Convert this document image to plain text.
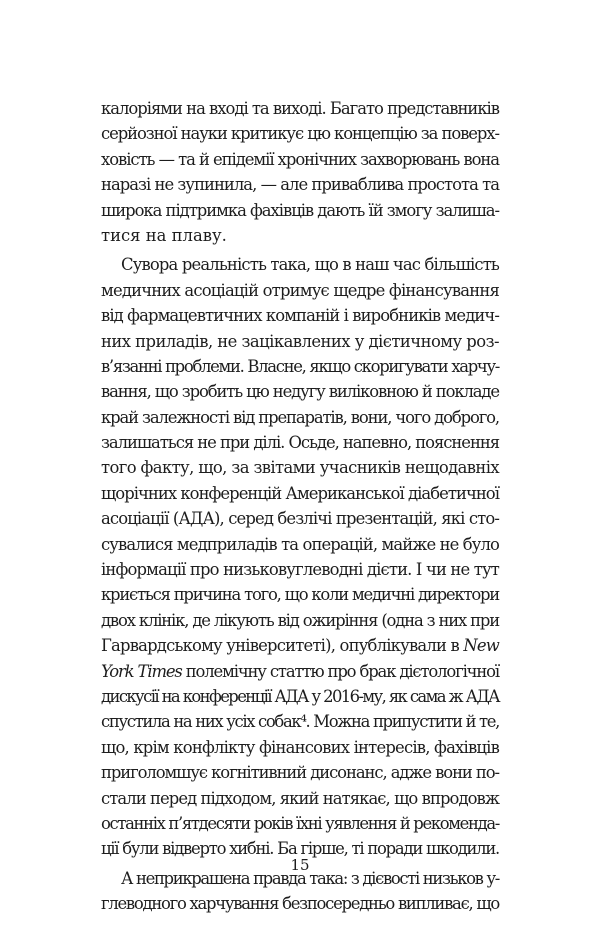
калоріями на вході та виході. Багато представників
серйозної науки критикує цю концепцію за поверх-
ховість — та й епідемії хронічних захворювань вона
наразі не зупинила, — але приваблива простота та
широка підтримка фахівців дають їй змогу залиша-
тися на плаву.
Сувора реальність така, що в наш час більшість
медичних асоціацій отримує щедре фінансування
від фармацевтичних компаній і виробників медич-
них приладів, не зацікавлених у дієтичному роз-
в’язанні проблеми. Власне, якщо скоригувати харчу-
вання, що зробить цю недугу виліковною й покладе
край залежності від препаратів, вони, чого доброго,
залишаться не при ділі. Осьде, напевно, пояснення
того факту, що, за звітами учасників нещодавніх
щорічних конференцій Американської діабетичної
асоціації (АДА), серед безлічі презентацій, які сто-
сувалися медприладів та операцій, майже не було
інформації про низьковуглеводні дієти. І чи не тут
криється причина того, що коли медичні директори
двох клінік, де лікують від ожиріння (одна з них при
Гарвардському університеті), опублікували в New
York Times полемічну статтю про брак дієтологічної
дискусії на конференції АДА у 2016-му, як сама ж АДА
спустила на них усіх собак⁴. Можна припустити й те,
що, крім конфлікту фінансових інтересів, фахівців
приголомшує когнітивний дисонанс, адже вони по-
стали перед підходом, який натякає, що впродовж
останніх п’ятдесяти років їхні уявлення й рекоменда-
ції були відверто хибні. Ба гірше, ті поради шкодили.
А неприкрашена правда така: з дієвості низьков у-
глеводного харчування безпосередньо випливає, що
15
